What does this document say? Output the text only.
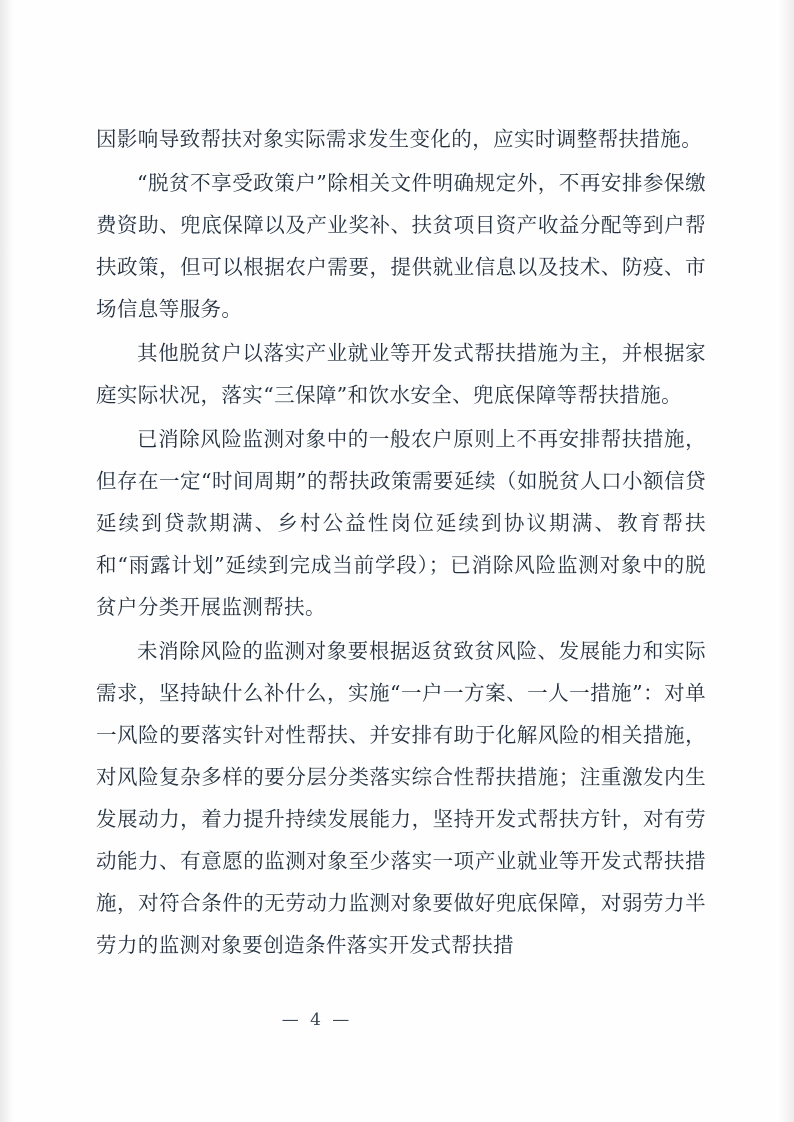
因影响导致帮扶对象实际需求发生变化的，应实时调整帮扶措施。

“脱贫不享受政策户”除相关文件明确规定外，不再安排参保缴费资助、兜底保障以及产业奖补、扶贫项目资产收益分配等到户帮扶政策，但可以根据农户需要，提供就业信息以及技术、防疫、市场信息等服务。

其他脱贫户以落实产业就业等开发式帮扶措施为主，并根据家庭实际状况，落实“三保障”和饮水安全、兜底保障等帮扶措施。

已消除风险监测对象中的一般农户原则上不再安排帮扶措施，但存在一定“时间周期”的帮扶政策需要延续（如脱贫人口小额信贷延续到贷款期满、乡村公益性岗位延续到协议期满、教育帮扶和“雨露计划”延续到完成当前学段）；已消除风险监测对象中的脱贫户分类开展监测帮扶。

未消除风险的监测对象要根据返贫致贫风险、发展能力和实际需求，坚持缺什么补什么，实施“一户一方案、一人一措施”：对单一风险的要落实针对性帮扶、并安排有助于化解风险的相关措施，对风险复杂多样的要分层分类落实综合性帮扶措施；注重激发内生发展动力，着力提升持续发展能力，坚持开发式帮扶方针，对有劳动能力、有意愿的监测对象至少落实一项产业就业等开发式帮扶措施，对符合条件的无劳动力监测对象要做好兜底保障，对弱劳力半劳力的监测对象要创造条件落实开发式帮扶措

— 4 —
